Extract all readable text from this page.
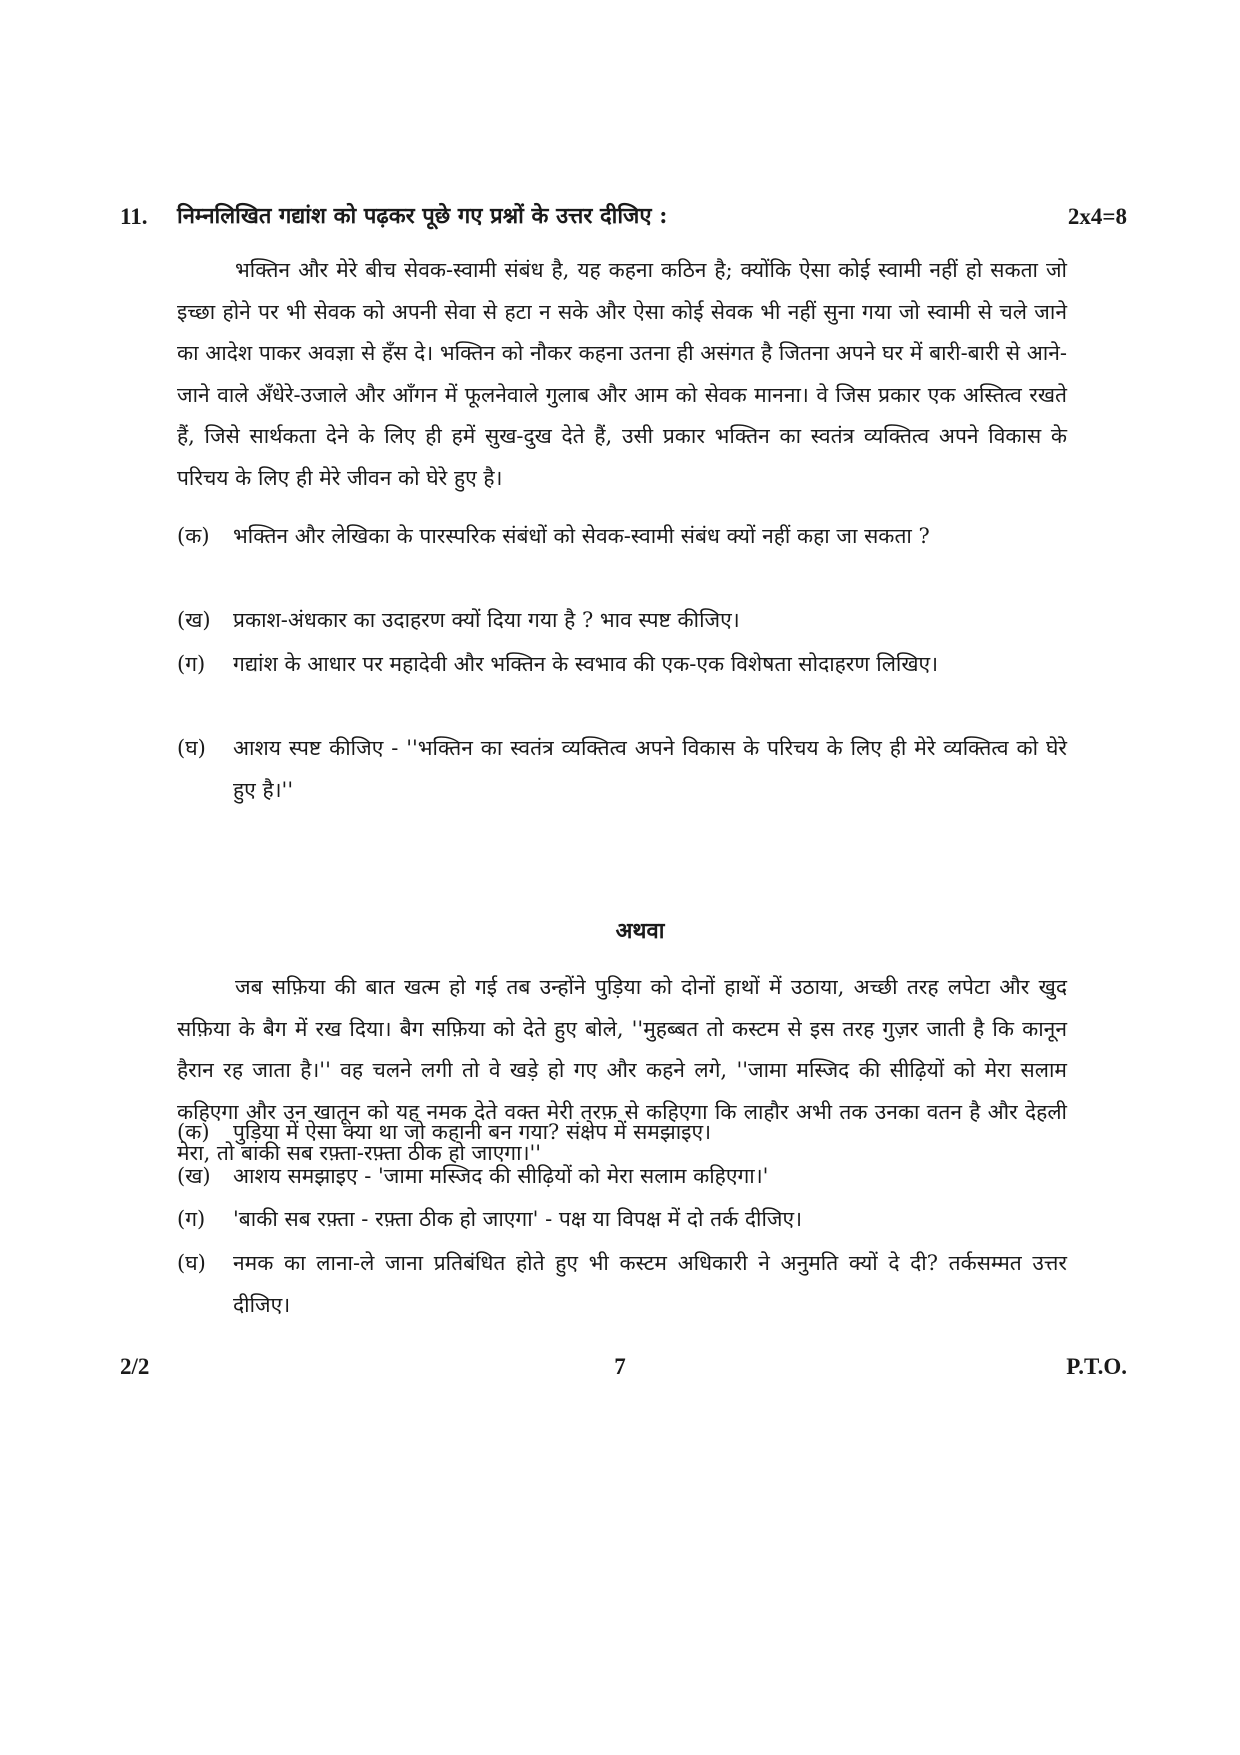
11. निम्नलिखित गद्यांश को पढ़कर पूछे गए प्रश्नों के उत्तर दीजिए :	2x4=8

भक्तिन और मेरे बीच सेवक-स्वामी संबंध है, यह कहना कठिन है; क्योंकि ऐसा कोई स्वामी नहीं हो सकता जो इच्छा होने पर भी सेवक को अपनी सेवा से हटा न सके और ऐसा कोई सेवक भी नहीं सुना गया जो स्वामी से चले जाने का आदेश पाकर अवज्ञा से हँस दे। भक्तिन को नौकर कहना उतना ही असंगत है जितना अपने घर में बारी-बारी से आने-जाने वाले अँधेरे-उजाले और आँगन में फूलनेवाले गुलाब और आम को सेवक मानना। वे जिस प्रकार एक अस्तित्व रखते हैं, जिसे सार्थकता देने के लिए ही हमें सुख-दुख देते हैं, उसी प्रकार भक्तिन का स्वतंत्र व्यक्तित्व अपने विकास के परिचय के लिए ही मेरे जीवन को घेरे हुए है।

(क)	भक्तिन और लेखिका के पारस्परिक संबंधों को सेवक-स्वामी संबंध क्यों नहीं कहा जा सकता ?
(ख)	प्रकाश-अंधकार का उदाहरण क्यों दिया गया है ? भाव स्पष्ट कीजिए।
(ग)	गद्यांश के आधार पर महादेवी और भक्तिन के स्वभाव की एक-एक विशेषता सोदाहरण लिखिए।
(घ)	आशय स्पष्ट कीजिए - ''भक्तिन का स्वतंत्र व्यक्तित्व अपने विकास के परिचय के लिए ही मेरे व्यक्तित्व को घेरे हुए है।''
अथवा

जब सफ़िया की बात खत्म हो गई तब उन्होंने पुड़िया को दोनों हाथों में उठाया, अच्छी तरह लपेटा और खुद सफ़िया के बैग में रख दिया। बैग सफ़िया को देते हुए बोले, ''मुहब्बत तो कस्टम से इस तरह गुज़र जाती है कि कानून हैरान रह जाता है।'' वह चलने लगी तो वे खड़े हो गए और कहने लगे, ''जामा मस्जिद की सीढ़ियों को मेरा सलाम कहिएगा और उन खातून को यह नमक देते वक्त मेरी तरफ़ से कहिएगा कि लाहौर अभी तक उनका वतन है और देहली मेरा, तो बाकी सब रफ़्ता-रफ़्ता ठीक हो जाएगा।''

(क)	पुड़िया में ऐसा क्या था जो कहानी बन गया? संक्षेप में समझाइए।
(ख)	आशय समझाइए - 'जामा मस्जिद की सीढ़ियों को मेरा सलाम कहिएगा।'
(ग)	'बाकी सब रफ़्ता - रफ़्ता ठीक हो जाएगा' - पक्ष या विपक्ष में दो तर्क दीजिए।
(घ)	नमक का लाना-ले जाना प्रतिबंधित होते हुए भी कस्टम अधिकारी ने अनुमति क्यों दे दी? तर्कसम्मत उत्तर दीजिए।
2/2	7	P.T.O.
